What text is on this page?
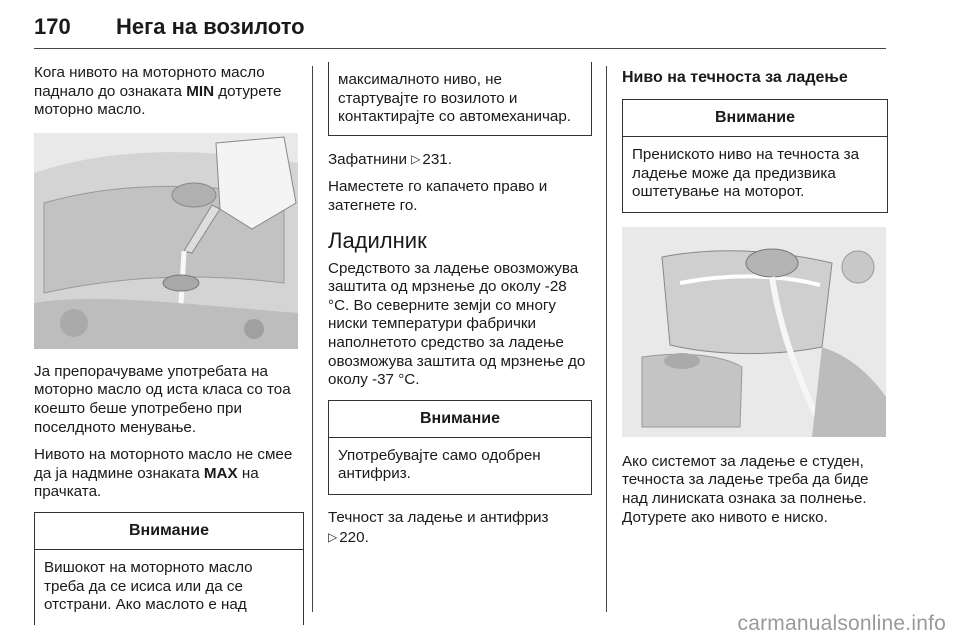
170 Нега на возилото

Кога нивото на моторното масло паднало до ознаката MIN дотурете моторно масло.

Ја препорачуваме употребата на моторно масло од иста класа со тоа коешто беше употребено при поселдното менување.

Нивото на моторното масло не смее да ја надмине ознаката MAX на прачката.

Внимание
Вишокот на моторното масло треба да се исиса или да се отстрани. Ако маслото е над
максималното ниво, не стартувајте го возилото и контактирајте со автомеханичар.

Зафатнини ▷ 231.

Наместете го капачето право и затегнете го.

Ладилник

Средството за ладење овозможува заштита од мрзнење до околу -28 °C. Во северните земји со многу ниски температури фабрички наполнетото средство за ладење овозможува заштита од мрзнење до околу -37 °C.

Внимание
Употребувајте само одобрен антифриз.

Течност за ладење и антифриз
▷ 220.

Ниво на течноста за ладење
Внимание
Прениското ниво на течноста за ладење може да предизвика оштетување на моторот.

Ако системот за ладење е студен, течноста за ладење треба да биде над линиската ознака за полнење. Дотурете ако нивото е ниско.

carmanualsonline.info
